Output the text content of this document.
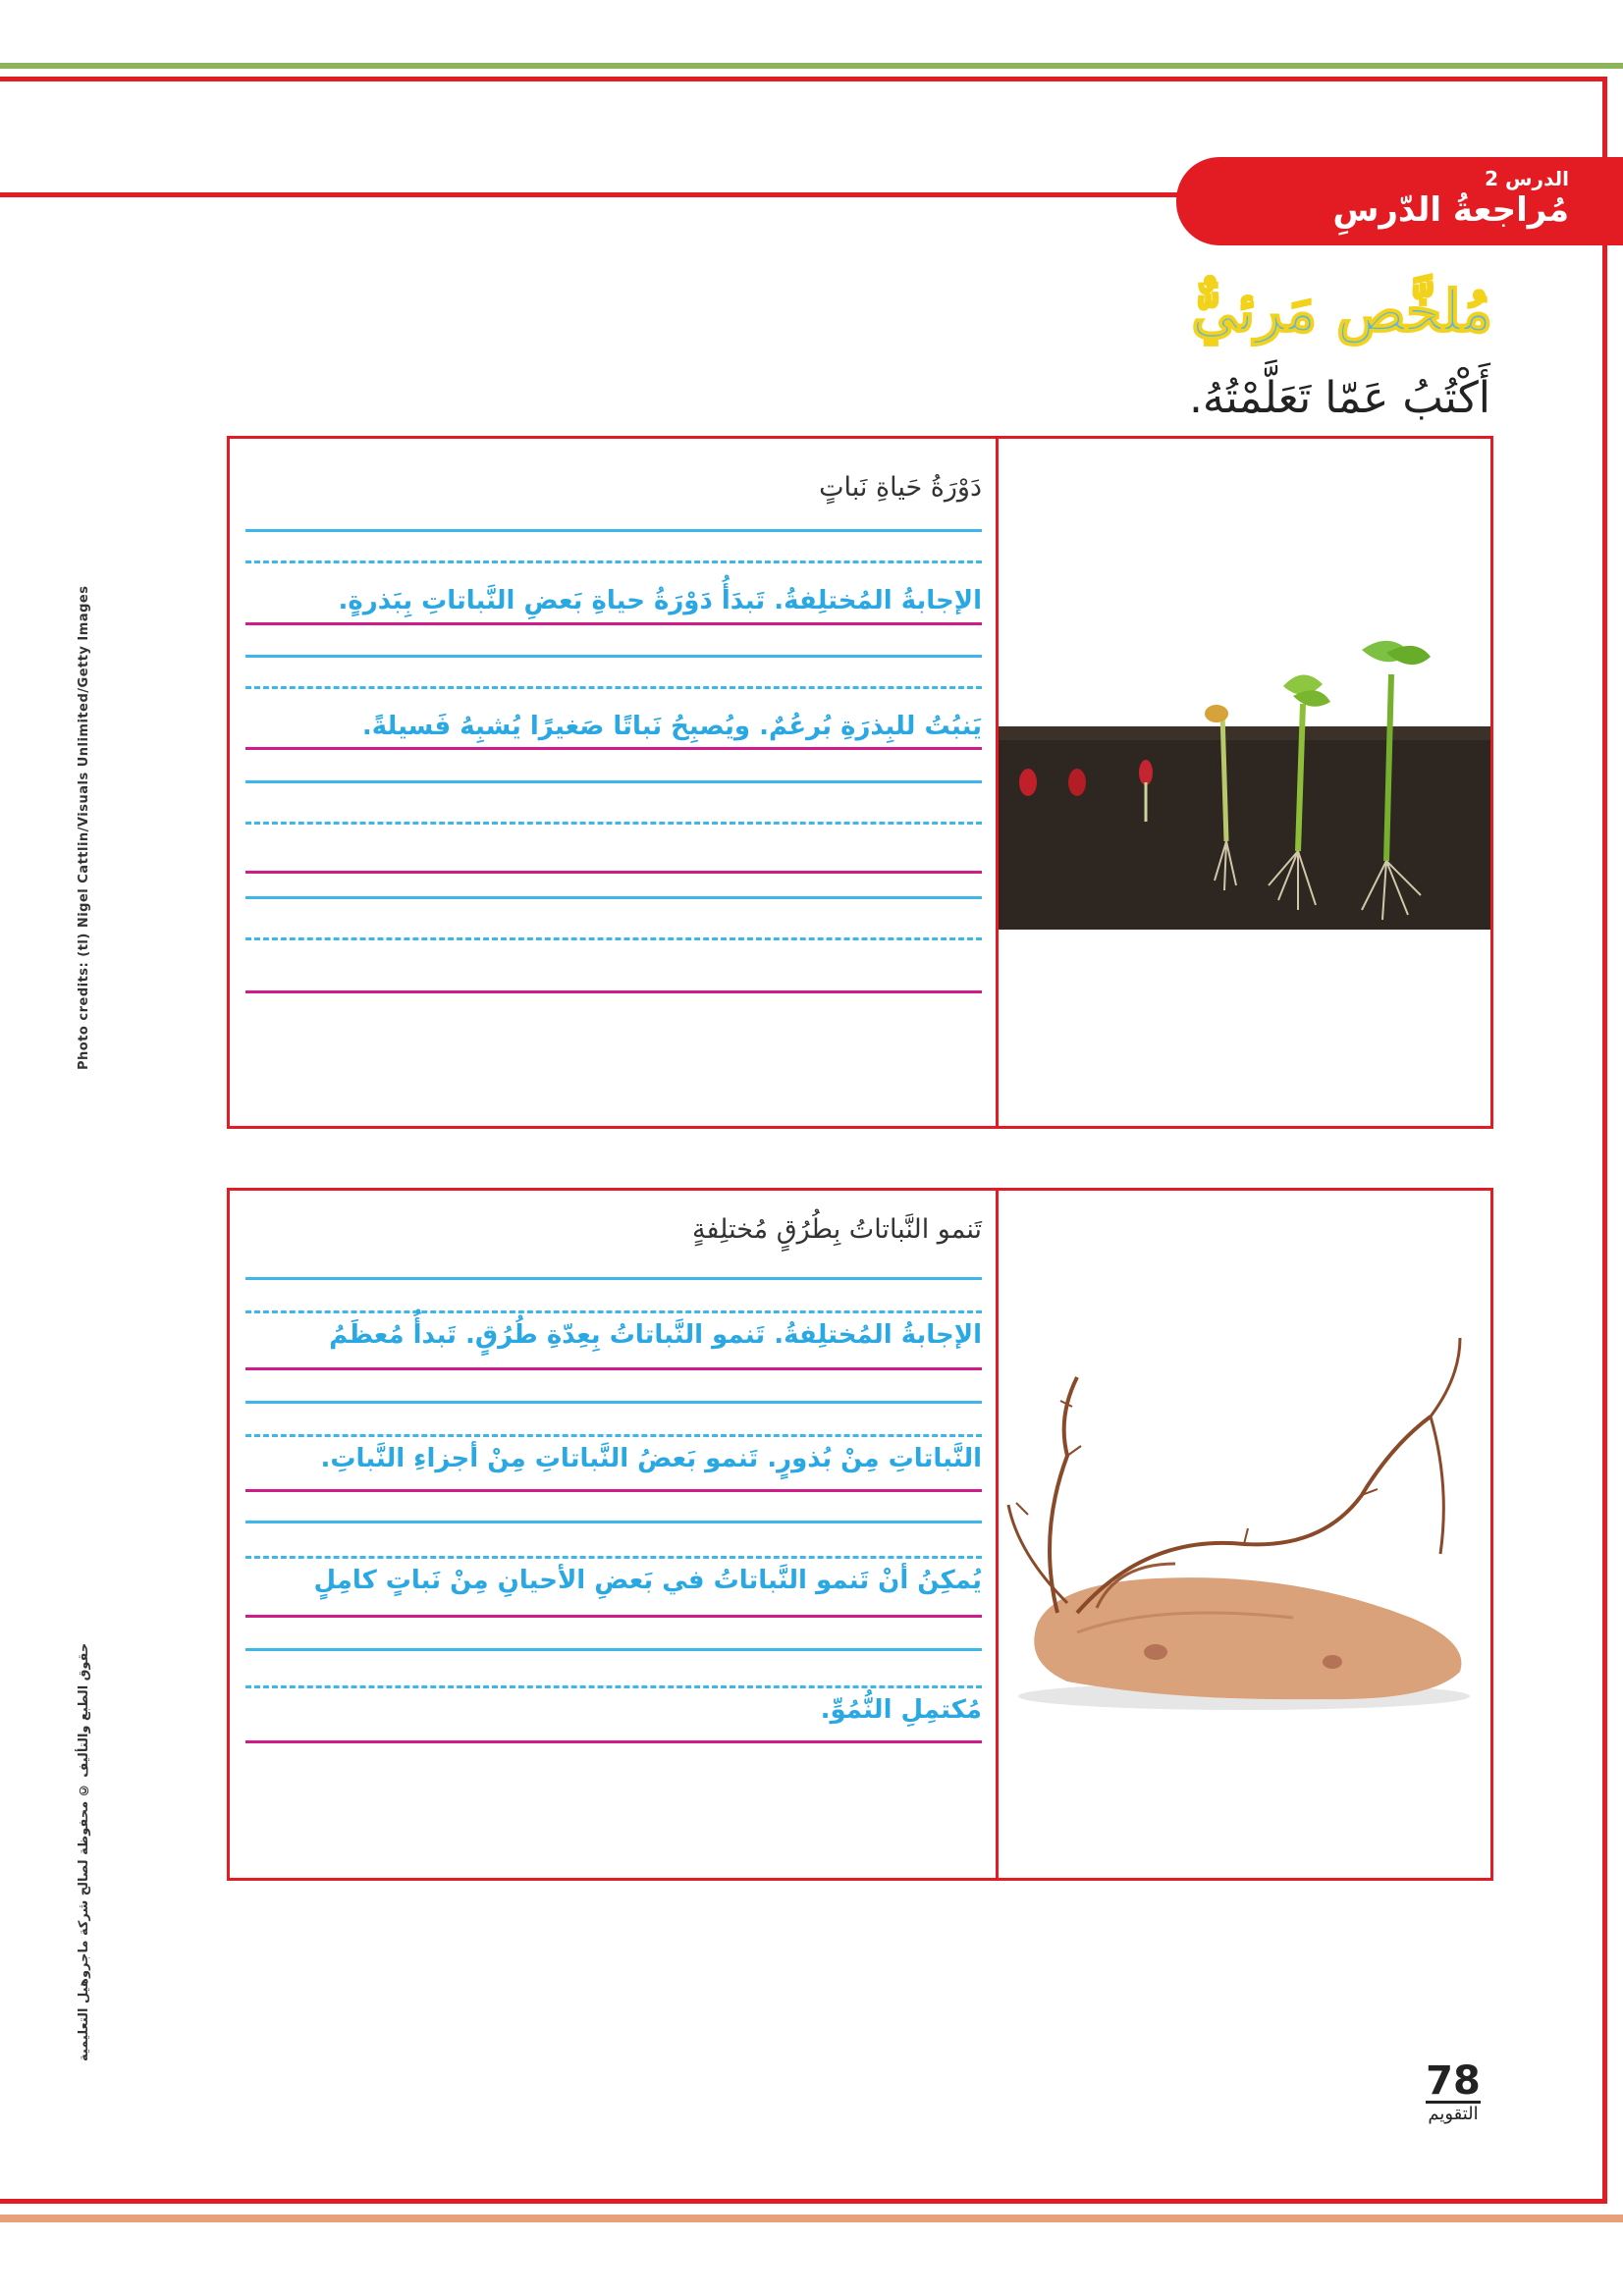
الدرس 2
مُراجعةُ الدّرسِ
مُلخَّص مَرئيٌّ
أَكْتُبُ عَمّا تَعَلَّمْتُهُ.
Photo credits: (tl) Nigel Cattlin/Visuals Unlimited/Getty Images
حقوق الطبع والتأليف © محفوظة لصالح شركة ماجروهيل التعليمية
دَوْرَةُ حَياةِ نَباتٍ
الإجابةُ المُختلِفةُ. تَبدَأُ دَوْرَةُ حياةِ بَعضِ النَّباتاتِ بِبَذرةٍ.
يَنبُتُ للبِذرَةِ بُرعُمٌ. ويُصبِحُ نَباتًا صَغيرًا يُشبِهُ فَسيلةً.
تَنمو النَّباتاتُ بِطُرُقٍ مُختلِفةٍ
الإجابةُ المُختلِفةُ. تَنمو النَّباتاتُ بِعِدّةِ طُرُقٍ. تَبدأُ مُعظَمُ
النَّباتاتِ مِنْ بُذورٍ. تَنمو بَعضُ النَّباتاتِ مِنْ أجزاءِ النَّباتِ.
يُمكِنُ أنْ تَنمو النَّباتاتُ في بَعضِ الأحيانِ مِنْ نَباتٍ كامِلٍ
مُكتمِلِ النُّمُوِّ.
78
التقويم
